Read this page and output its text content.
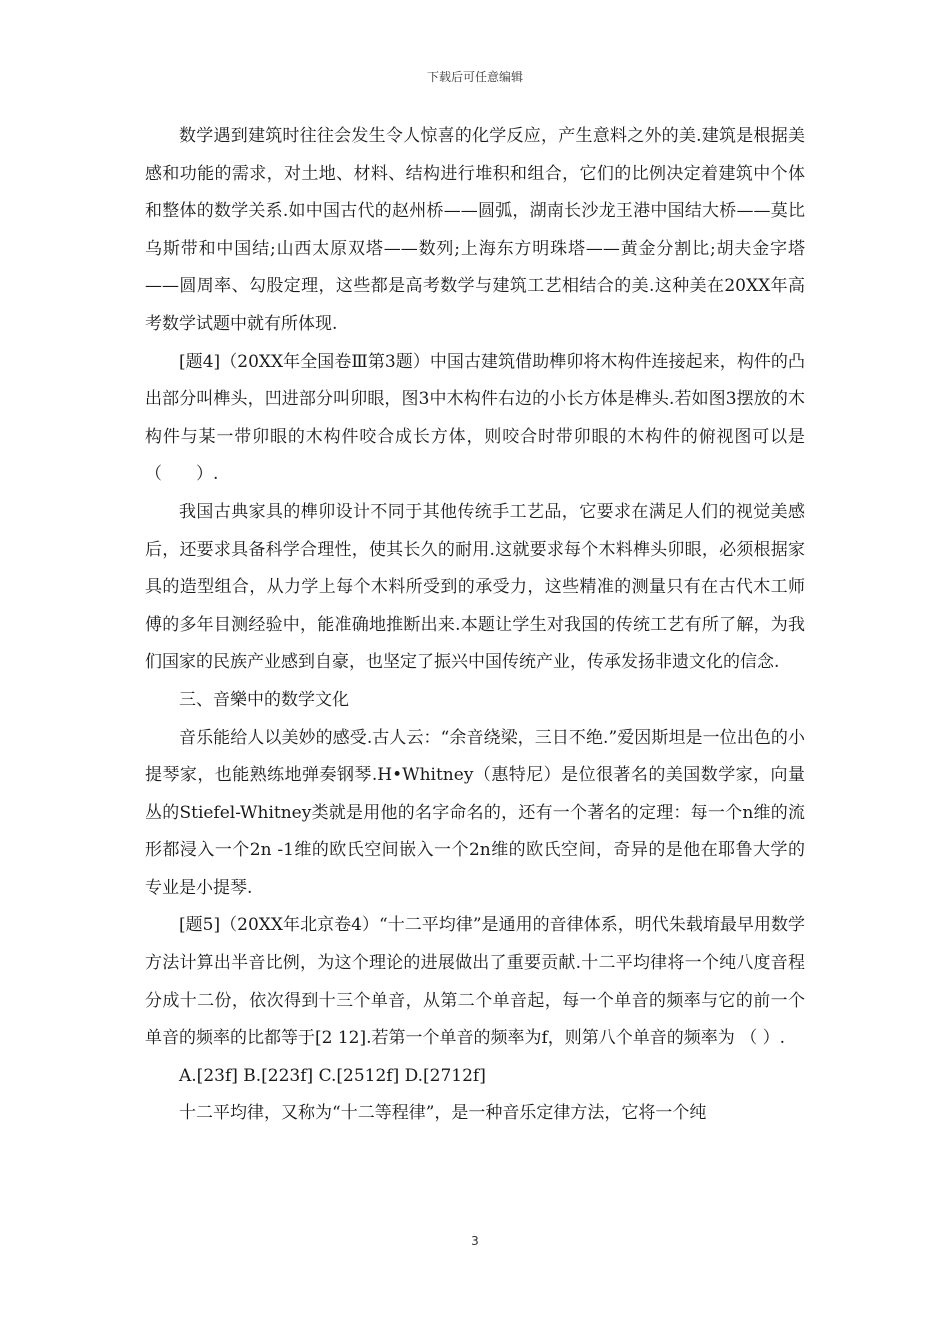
下载后可任意编辑

数学遇到建筑时往往会发生令人惊喜的化学反应，产生意料之外的美.建筑是根据美感和功能的需求，对土地、材料、结构进行堆积和组合，它们的比例决定着建筑中个体和整体的数学关系.如中国古代的赵州桥——圆弧，湖南长沙龙王港中国结大桥——莫比乌斯带和中国结;山西太原双塔——数列;上海东方明珠塔——黄金分割比;胡夫金字塔——圆周率、勾股定理，这些都是高考数学与建筑工艺相结合的美.这种美在20XX年高考数学试题中就有所体现.

[题4]（20XX年全国卷Ⅲ第3题）中国古建筑借助榫卯将木构件连接起来，构件的凸出部分叫榫头，凹进部分叫卯眼，图3中木构件右边的小长方体是榫头.若如图3摆放的木构件与某一带卯眼的木构件咬合成长方体，则咬合时带卯眼的木构件的俯视图可以是（　　）.

我国古典家具的榫卯设计不同于其他传统手工艺品，它要求在满足人们的视觉美感后，还要求具备科学合理性，使其长久的耐用.这就要求每个木料榫头卯眼，必须根据家具的造型组合，从力学上每个木料所受到的承受力，这些精准的测量只有在古代木工师傅的多年目测经验中，能准确地推断出来.本题让学生对我国的传统工艺有所了解，为我们国家的民族产业感到自豪，也坚定了振兴中国传统产业，传承发扬非遗文化的信念.

三、音樂中的数学文化

音乐能给人以美妙的感受.古人云：“余音绕梁，三日不绝.”爱因斯坦是一位出色的小提琴家，也能熟练地弹奏钢琴.H•Whitney（惠特尼）是位很著名的美国数学家，向量丛的Stiefel-Whitney类就是用他的名字命名的，还有一个著名的定理：每一个n维的流形都浸入一个2n -1维的欧氏空间嵌入一个2n维的欧氏空间，奇异的是他在耶鲁大学的专业是小提琴.

[题5]（20XX年北京卷4）“十二平均律”是通用的音律体系，明代朱载堉最早用数学方法计算出半音比例，为这个理论的进展做出了重要贡献.十二平均律将一个纯八度音程分成十二份，依次得到十三个单音，从第二个单音起，每一个单音的频率与它的前一个单音的频率的比都等于[2 12].若第一个单音的频率为f，则第八个单音的频率为 （ ）.

A.[23f] B.[223f] C.[2512f] D.[2712f]

十二平均律，又称为“十二等程律”，是一种音乐定律方法，它将一个纯

3
